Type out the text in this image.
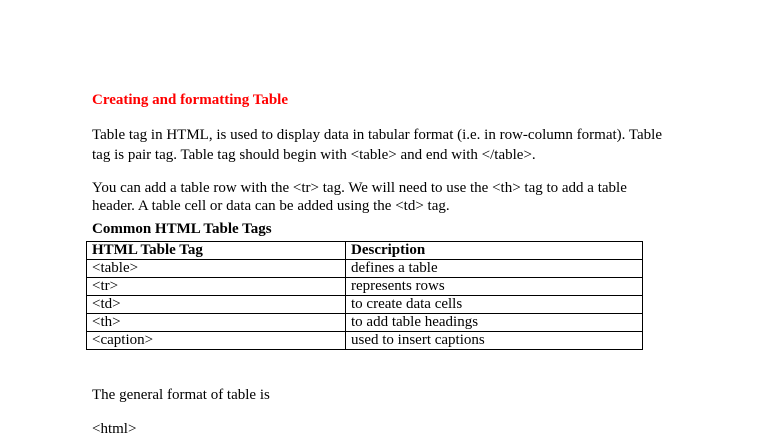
Creating and formatting Table
Table tag in HTML, is used to display data in tabular format (i.e. in row-column format). Table
tag is pair tag. Table tag should begin with <table> and end with </table>.
You can add a table row with the <tr> tag. We will need to use the <th> tag to add a table
header. A table cell or data can be added using the <td> tag.
Common HTML Table Tags
HTML Table Tag	Description
<table>	defines a table
<tr>	represents rows
<td>	to create data cells
<th>	to add table headings
<caption>	used to insert captions
The general format of table is
<html>
